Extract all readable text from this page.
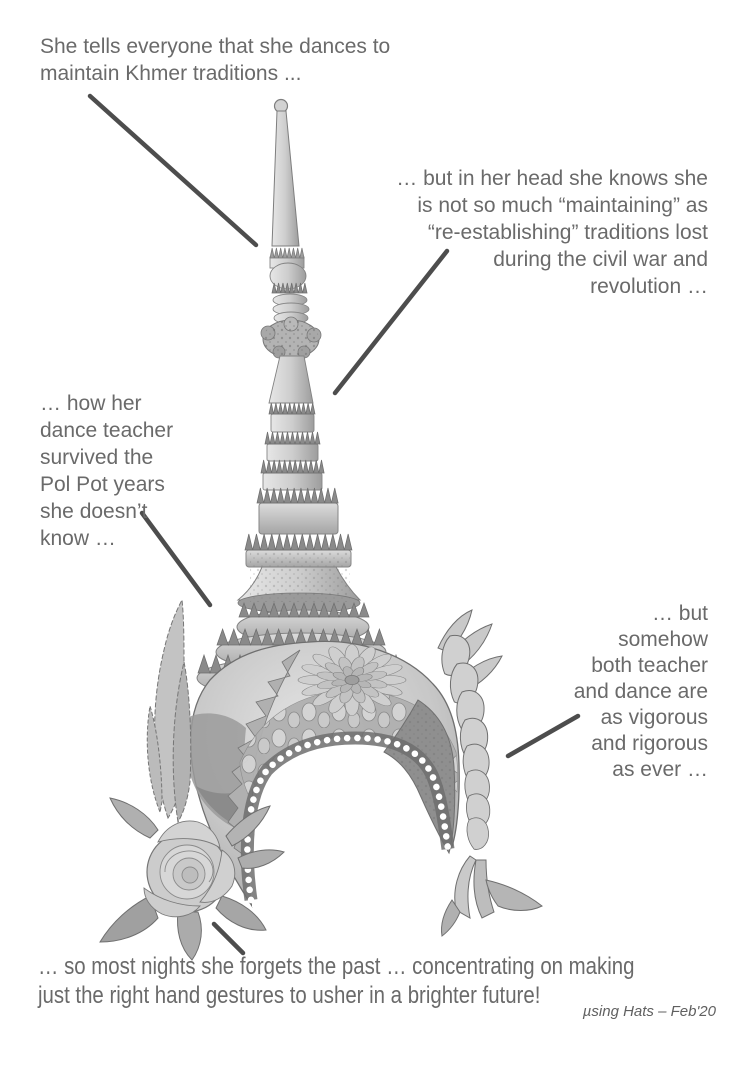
She tells everyone that she dances to
maintain Khmer traditions ...
… but in her head she knows she
is not so much “maintaining” as
“re-establishing” traditions lost
during the civil war and
revolution …
… how her
dance teacher
survived the
Pol Pot years
she doesn’t
know …
… but
somehow
both teacher
and dance are
as vigorous
and rigorous
as ever …
… so most nights she forgets the past … concentrating on making
just the right hand gestures to usher in a brighter future!
µsing Hats – Feb'20
